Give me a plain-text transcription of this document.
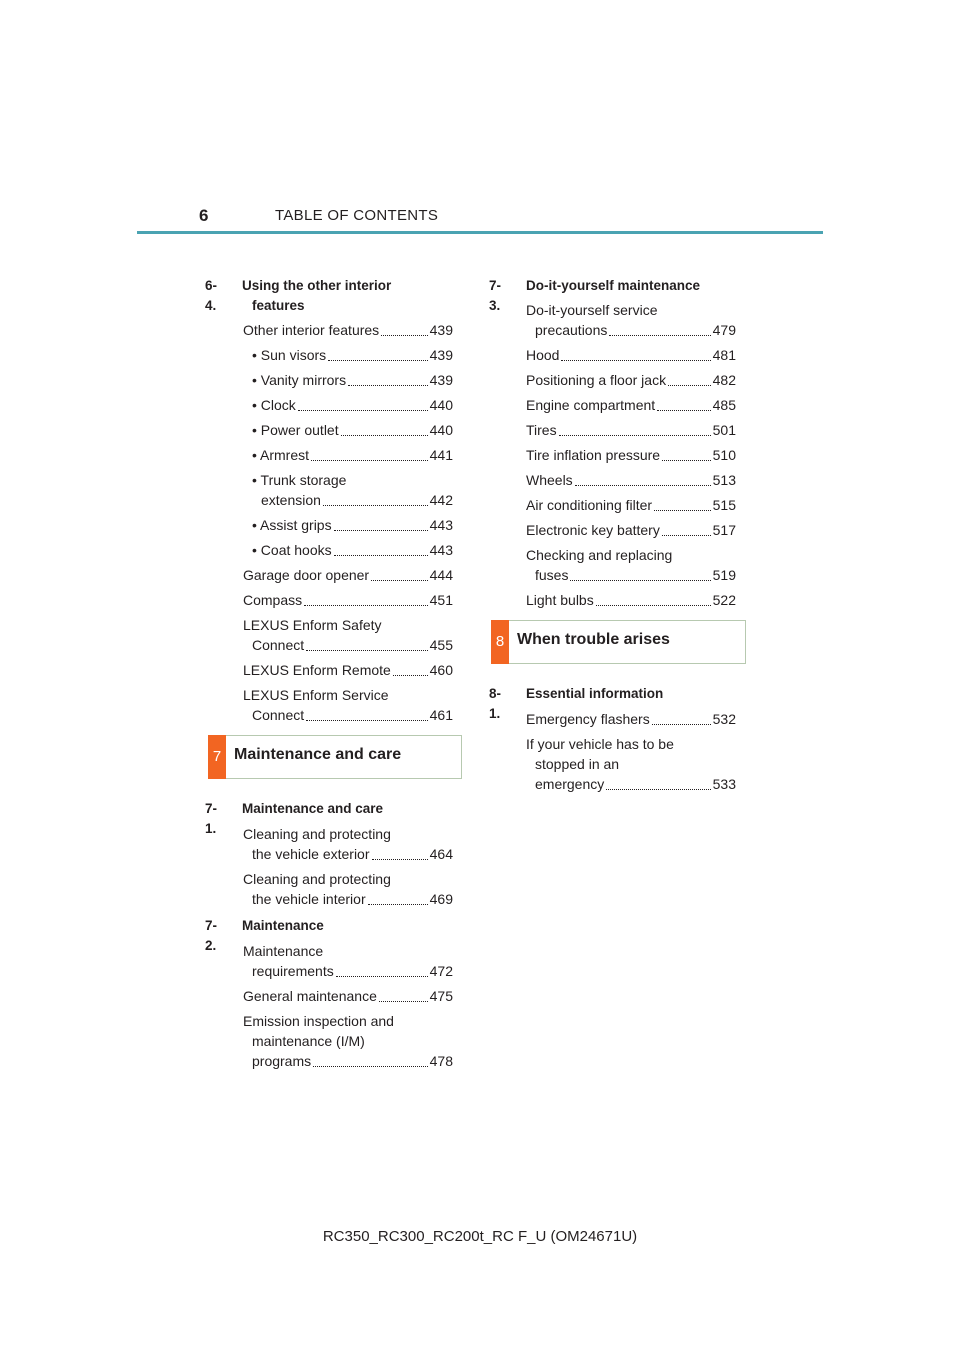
6	TABLE OF CONTENTS
6-4.
Using the other interior
features
Other interior features	439
• Sun visors	439
• Vanity mirrors	439
• Clock	440
• Power outlet	440
• Armrest	441
• Trunk storage
extension	442
• Assist grips	443
• Coat hooks	443
Garage door opener	444
Compass	451
LEXUS Enform Safety
Connect	455
LEXUS Enform Remote	460
LEXUS Enform Service
Connect	461
7 Maintenance and care
7-1.
Maintenance and care
Cleaning and protecting
the vehicle exterior	464
Cleaning and protecting
the vehicle interior	469
7-2.
Maintenance
Maintenance
requirements	472
General maintenance	475
Emission inspection and
maintenance (I/M)
programs	478
7-3.
Do-it-yourself maintenance
Do-it-yourself service
precautions	479
Hood	481
Positioning a floor jack	482
Engine compartment	485
Tires	501
Tire inflation pressure	510
Wheels	513
Air conditioning filter	515
Electronic key battery	517
Checking and replacing
fuses	519
Light bulbs	522
8 When trouble arises
8-1.
Essential information
Emergency flashers	532
If your vehicle has to be
stopped in an
emergency	533
RC350_RC300_RC200t_RC F_U (OM24671U)
